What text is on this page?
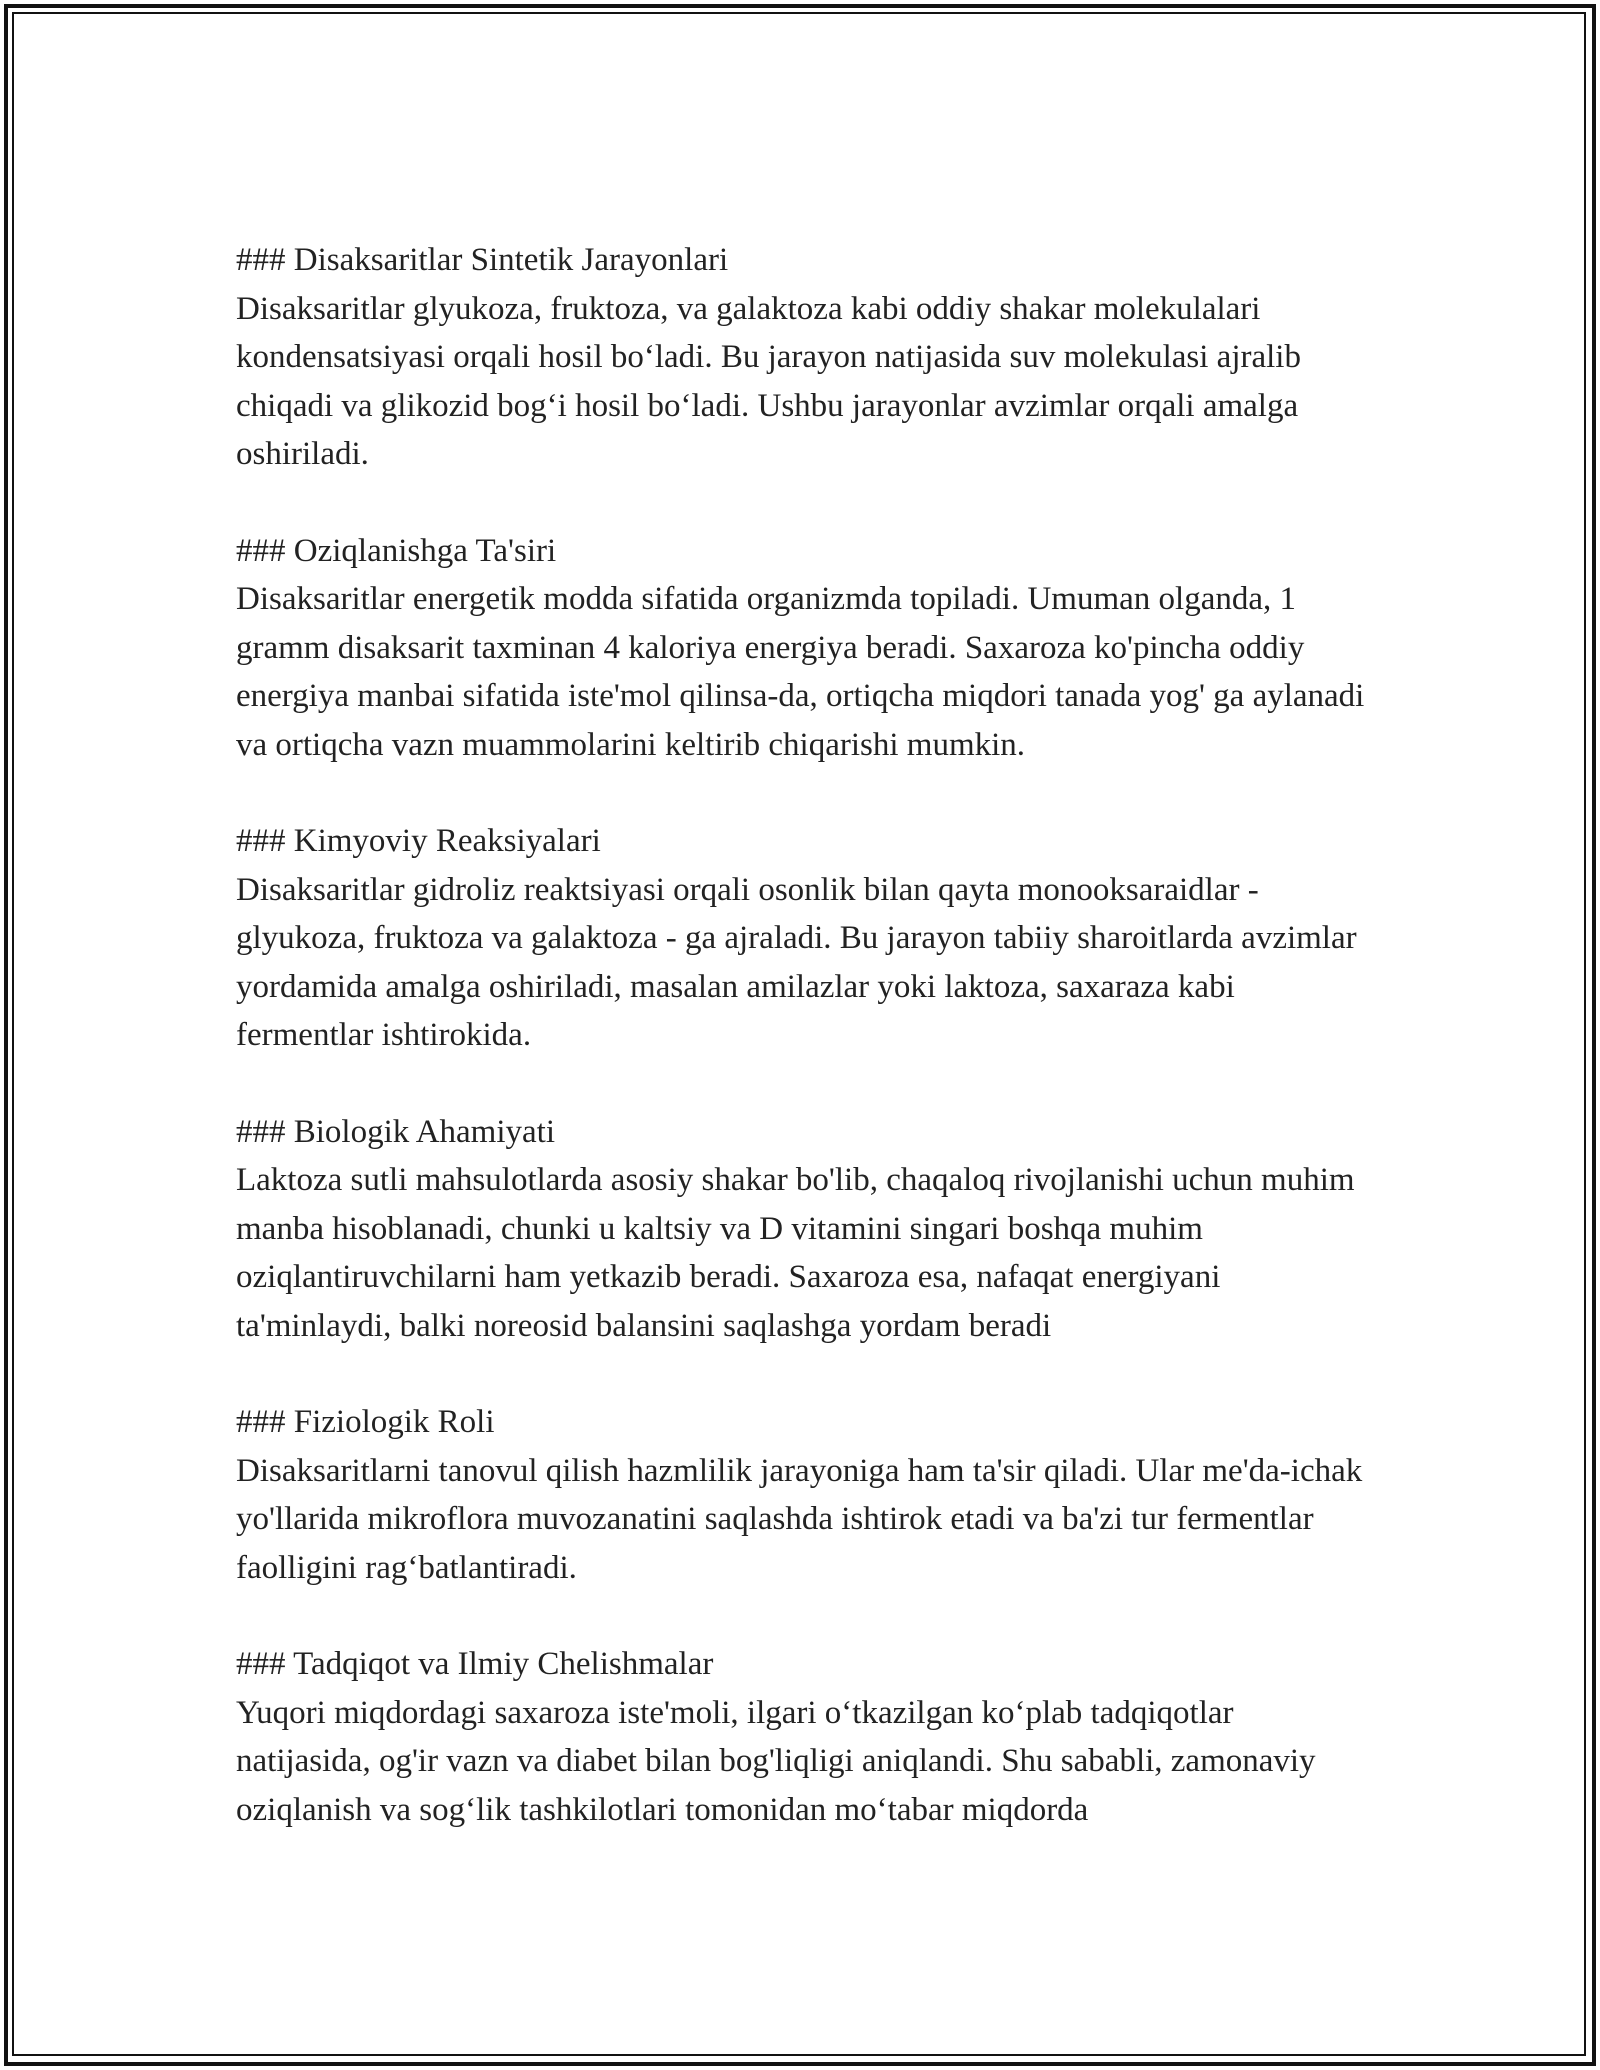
### Disaksaritlar Sintetik Jarayonlari

Disaksaritlar glyukoza, fruktoza, va galaktoza kabi oddiy shakar molekulalari kondensatsiyasi orqali hosil bo‘ladi. Bu jarayon natijasida suv molekulasi ajralib chiqadi va glikozid bog‘i hosil bo‘ladi. Ushbu jarayonlar avzimlar orqali amalga oshiriladi.

### Oziqlanishga Ta'siri

Disaksaritlar energetik modda sifatida organizmda topiladi. Umuman olganda, 1 gramm disaksarit taxminan 4 kaloriya energiya beradi. Saxaroza ko'pincha oddiy energiya manbai sifatida iste'mol qilinsa-da, ortiqcha miqdori tanada yog' ga aylanadi va ortiqcha vazn muammolarini keltirib chiqarishi mumkin.

### Kimyoviy Reaksiyalari

Disaksaritlar gidroliz reaktsiyasi orqali osonlik bilan qayta monooksaraidlar - glyukoza, fruktoza va galaktoza - ga ajraladi. Bu jarayon tabiiy sharoitlarda avzimlar yordamida amalga oshiriladi, masalan amilazlar yoki laktoza, saxaraza kabi fermentlar ishtirokida.

### Biologik Ahamiyati

Laktoza sutli mahsulotlarda asosiy shakar bo'lib, chaqaloq rivojlanishi uchun muhim manba hisoblanadi, chunki u kaltsiy va D vitamini singari boshqa muhim oziqlantiruvchilarni ham yetkazib beradi. Saxaroza esa, nafaqat energiyani ta'minlaydi, balki noreosid balansini saqlashga yordam beradi

### Fiziologik Roli

Disaksaritlarni tanovul qilish hazmlilik jarayoniga ham ta'sir qiladi. Ular me'da-ichak yo'llarida mikroflora muvozanatini saqlashda ishtirok etadi va ba'zi tur fermentlar faolligini rag‘batlantiradi.

### Tadqiqot va Ilmiy Chelishmalar

Yuqori miqdordagi saxaroza iste'moli, ilgari o‘tkazilgan ko‘plab tadqiqotlar natijasida, og'ir vazn va diabet bilan bog'liqligi aniqlandi. Shu sababli, zamonaviy oziqlanish va sog‘lik tashkilotlari tomonidan mo‘tabar miqdorda
